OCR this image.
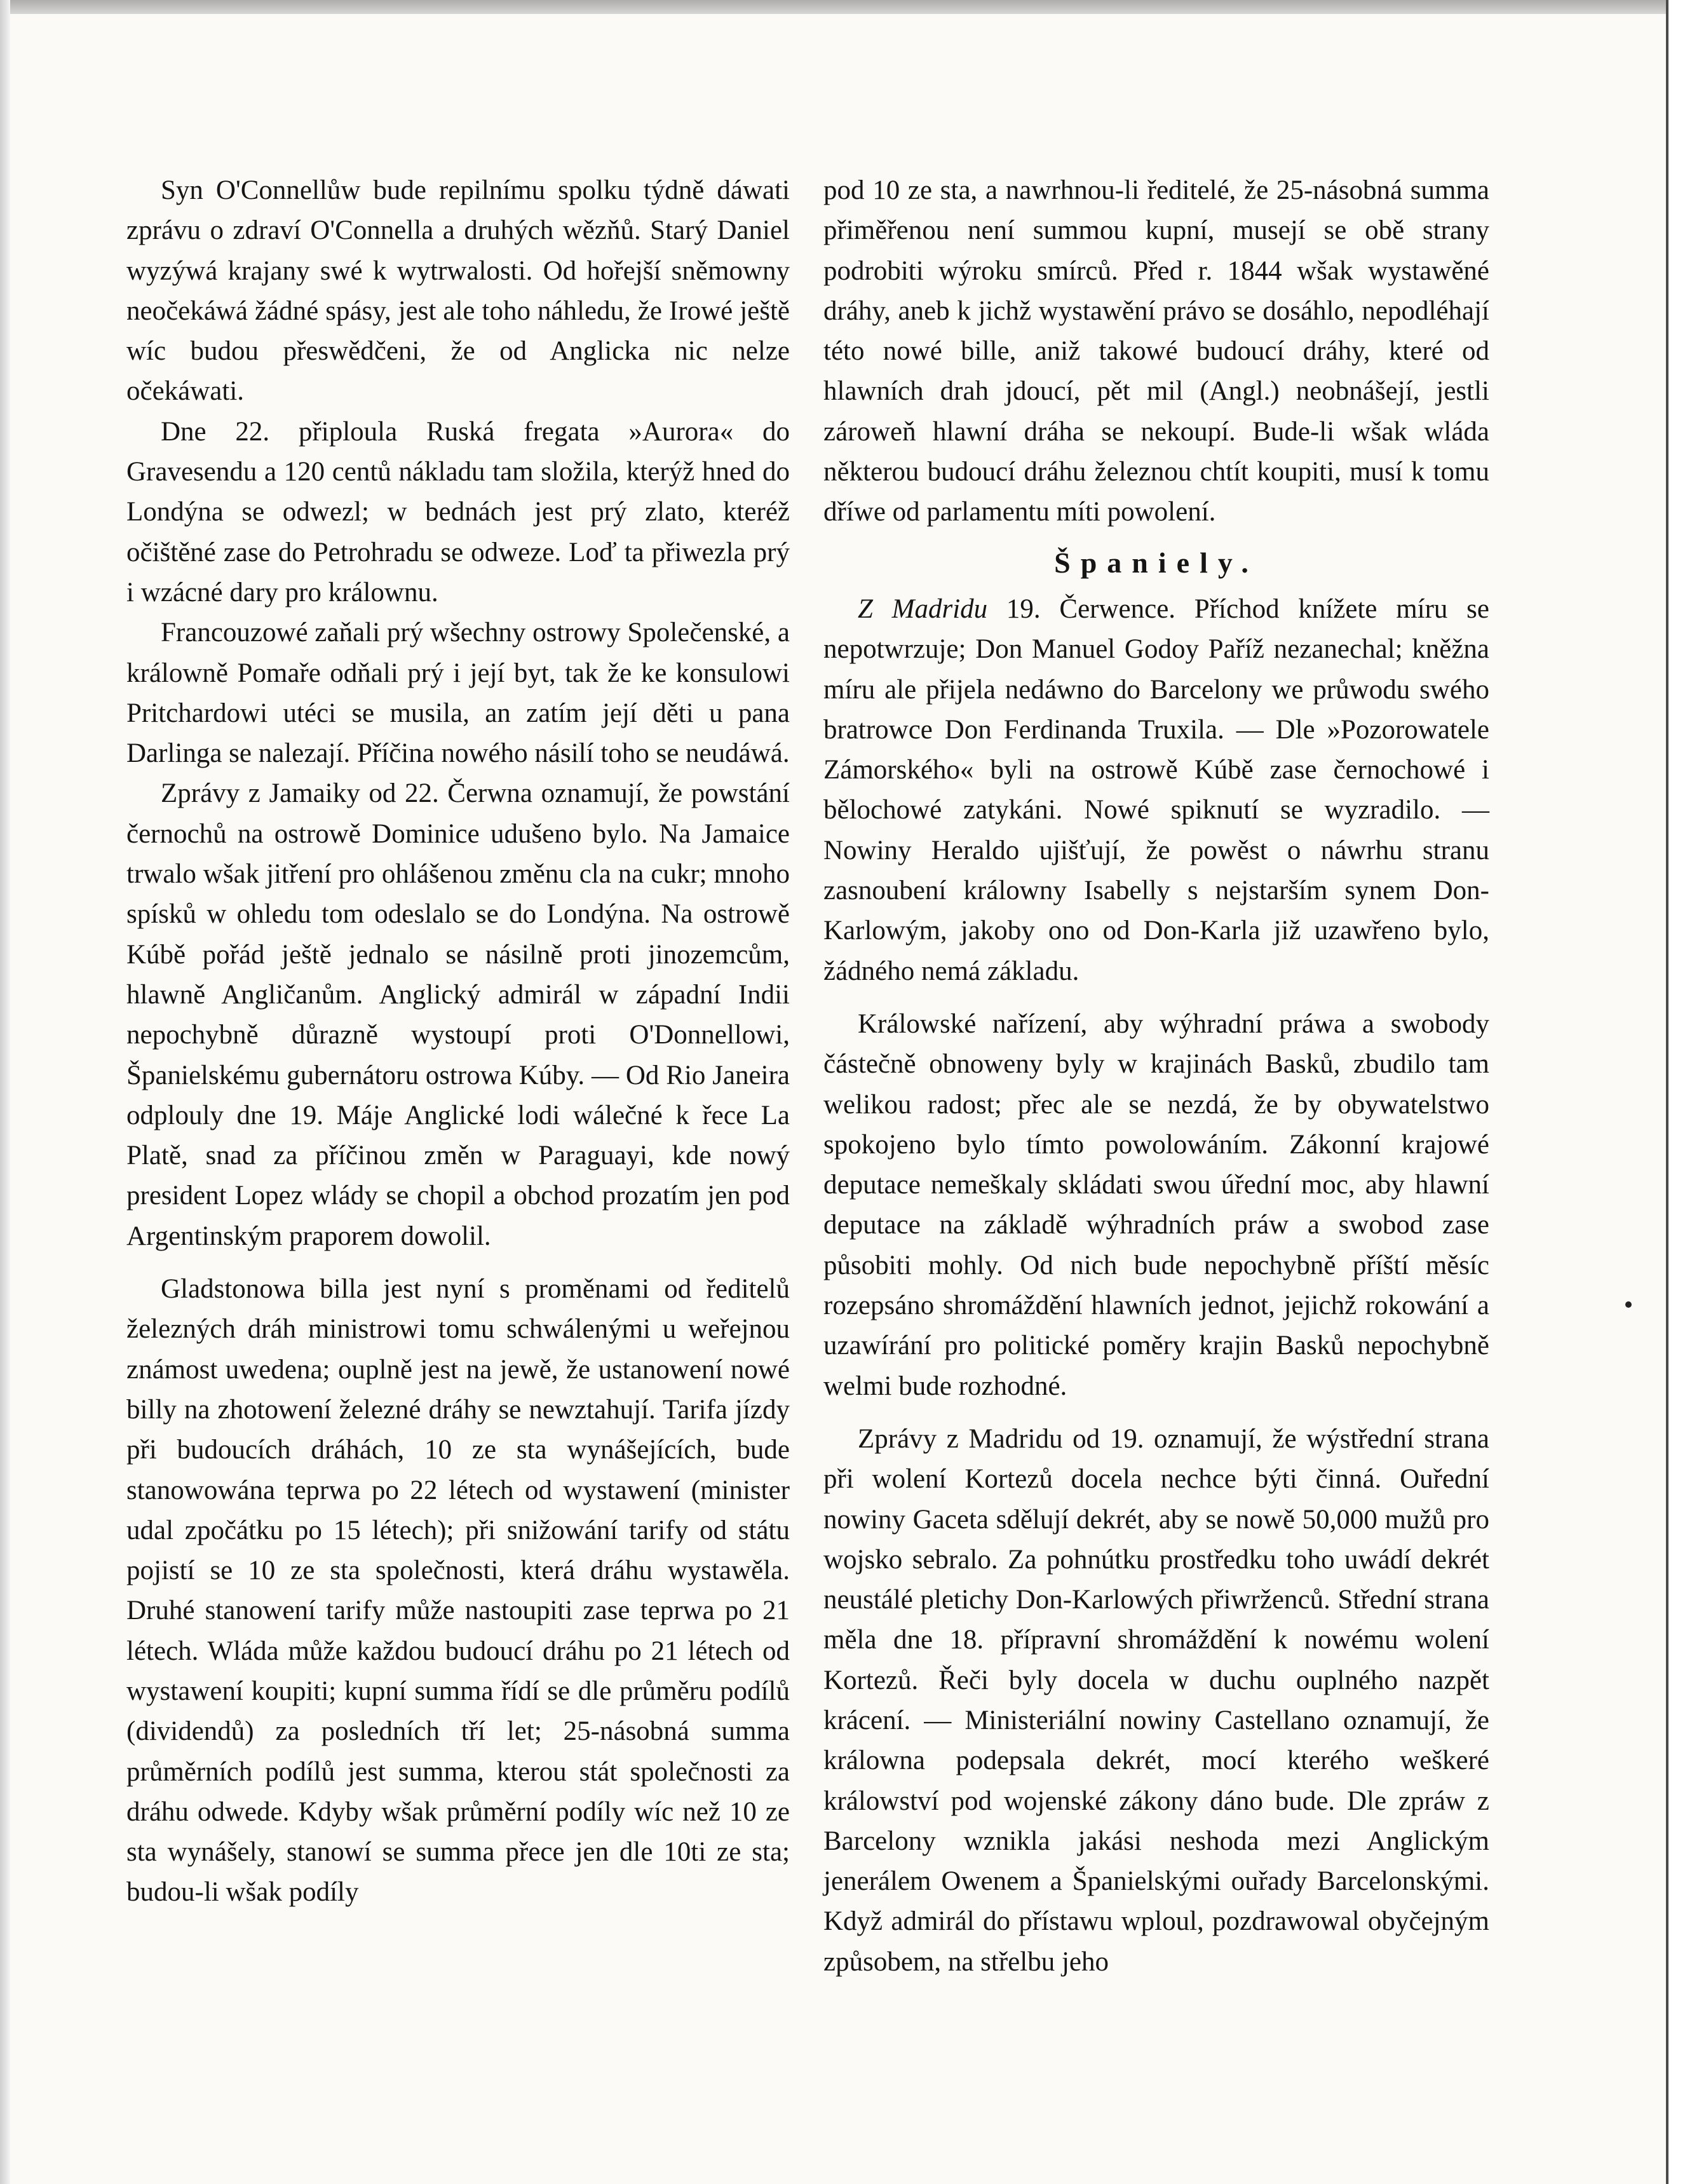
Syn O'Connellůw bude repilnímu spolku týdně dáwati zprávu o zdraví O'Connella a druhých wězňů. Starý Daniel wyzýwá krajany swé k wytrwalosti. Od hořejší sněmowny neočekáwá žádné spásy, jest ale toho náhledu, že Irowé ještě wíc budou přeswědčeni, že od Anglicka nic nelze očekáwati.

Dne 22. připloula Ruská fregata »Aurora« do Gravesendu a 120 centů nákladu tam složila, kterýž hned do Londýna se odwezl; w bednách jest prý zlato, kteréž očištěné zase do Petrohradu se odweze. Loď ta přiwezla prý i wzácné dary pro králownu.

Francouzowé zaňali prý wšechny ostrowy Společenské, a králowně Pomaře odňali prý i její byt, tak že ke konsulowi Pritchardowi utéci se musila, an zatím její děti u pana Darlinga se nalezají. Příčina nowého násilí toho se neudáwá.

Zprávy z Jamaiky od 22. Čerwna oznamují, že powstání černochů na ostrowě Dominice udušeno bylo. Na Jamaice trwalo wšak jitření pro ohlášenou změnu cla na cukr; mnoho spísků w ohledu tom odeslalo se do Londýna. Na ostrowě Kúbě pořád ještě jednalo se násilně proti jinozemcům, hlawně Angličanům. Anglický admirál w západní Indii nepochybně důrazně wystoupí proti O'Donnellowi, Španielskému gubernátoru ostrowa Kúby. — Od Rio Janeira odplouly dne 19. Máje Anglické lodi wálečné k řece La Platě, snad za příčinou změn w Paraguayi, kde nowý president Lopez wlády se chopil a obchod prozatím jen pod Argentinským praporem dowolil.

Gladstonowa billa jest nyní s proměnami od ředitelů železných dráh ministrowi tomu schwálenými u weřejnou známost uwedena; ouplně jest na jewě, že ustanowení nowé billy na zhotowení železné dráhy se newztahují. Tarifa jízdy při budoucích dráhách, 10 ze sta wynášejících, bude stanowowána teprwa po 22 létech od wystawení (minister udal zpočátku po 15 létech); při snižowání tarify od státu pojistí se 10 ze sta společnosti, která dráhu wystawěla. Druhé stanowení tarify může nastoupiti zase teprwa po 21 létech. Wláda může každou budoucí dráhu po 21 létech od wystawení koupiti; kupní summa řídí se dle průměru podílů (dividendů) za posledních tří let; 25-násobná summa průměrních podílů jest summa, kterou stát společnosti za dráhu odwede. Kdyby wšak průměrní podíly wíc než 10 ze sta wynášely, stanowí se summa přece jen dle 10ti ze sta; budou-li wšak podíly

pod 10 ze sta, a nawrhnou-li ředitelé, že 25-násobná summa přiměřenou není summou kupní, musejí se obě strany podrobiti wýroku smírců. Před r. 1844 wšak wystawěné dráhy, aneb k jichž wystawění právo se dosáhlo, nepodléhají této nowé bille, aniž takowé budoucí dráhy, které od hlawních drah jdoucí, pět mil (Angl.) neobnášejí, jestli zároweň hlawní dráha se nekoupí. Bude-li wšak wláda některou budoucí dráhu železnou chtít koupiti, musí k tomu dříwe od parlamentu míti powolení.

Španiely.

Z Madridu 19. Čerwence. Příchod knížete míru se nepotwrzuje; Don Manuel Godoy Paříž nezanechal; kněžna míru ale přijela nedáwno do Barcelony we průwodu swého bratrowce Don Ferdinanda Truxila. — Dle »Pozorowatele Zámorského« byli na ostrowě Kúbě zase černochowé i bělochowé zatykáni. Nowé spiknutí se wyzradilo. — Nowiny Heraldo ujišťují, že powěst o náwrhu stranu zasnoubení králowny Isabelly s nejstarším synem Don-Karlowým, jakoby ono od Don-Karla již uzawřeno bylo, žádného nemá základu.

Králowské nařízení, aby wýhradní práwa a swobody částečně obnoweny byly w krajinách Basků, zbudilo tam welikou radost; přec ale se nezdá, že by obywatelstwo spokojeno bylo tímto powolowáním. Zákonní krajowé deputace nemeškaly skládati swou úřední moc, aby hlawní deputace na základě wýhradních práw a swobod zase působiti mohly. Od nich bude nepochybně příští měsíc rozepsáno shromáždění hlawních jednot, jejichž rokowání a uzawírání pro politické poměry krajin Basků nepochybně welmi bude rozhodné.

Zprávy z Madridu od 19. oznamují, že wýstřední strana při wolení Kortezů docela nechce býti činná. Ouřední nowiny Gaceta sdělují dekrét, aby se nowě 50,000 mužů pro wojsko sebralo. Za pohnútku prostředku toho uwádí dekrét neustálé pletichy Don-Karlowých přiwrženců. Střední strana měla dne 18. přípravní shromáždění k nowému wolení Kortezů. Řeči byly docela w duchu ouplného nazpět krácení. — Ministeriální nowiny Castellano oznamují, že králowna podepsala dekrét, mocí kterého weškeré králowství pod wojenské zákony dáno bude. Dle zpráw z Barcelony wznikla jakási neshoda mezi Anglickým jenerálem Owenem a Španielskými ouřady Barcelonskými. Když admirál do přístawu wploul, pozdrawowal obyčejným způsobem, na střelbu jeho
